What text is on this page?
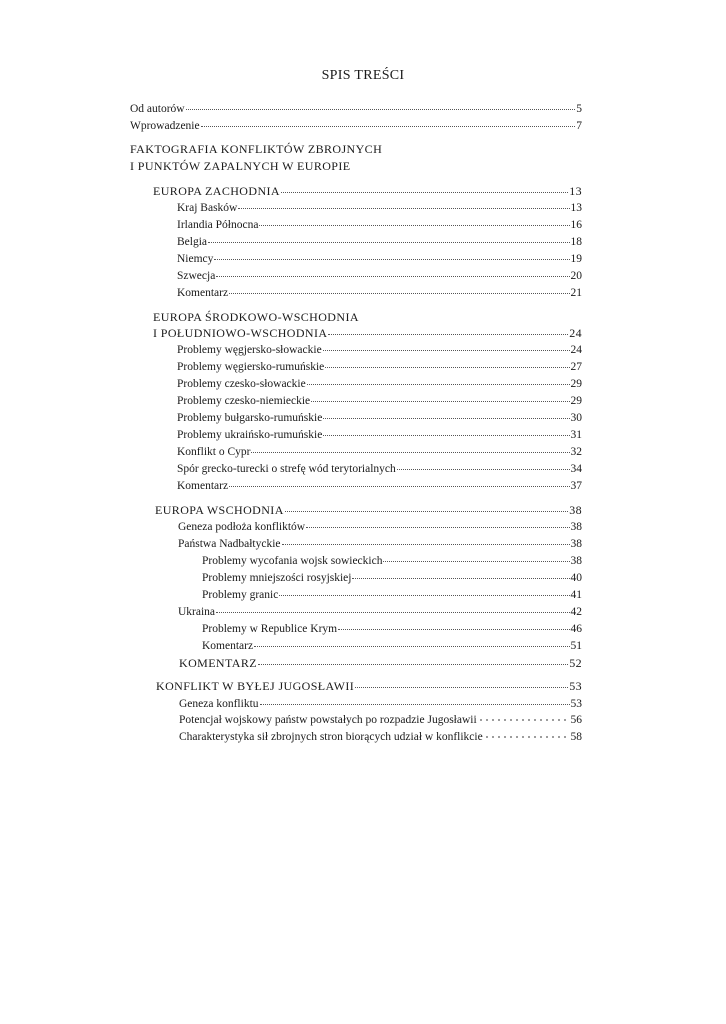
SPIS TREŚCI
Od autorów	5
Wprowadzenie	7
FAKTOGRAFIA KONFLIKTÓW ZBROJNYCH
I PUNKTÓW ZAPALNYCH W EUROPIE
EUROPA ZACHODNIA	13
Kraj Basków	13
Irlandia Północna	16
Belgia	18
Niemcy	19
Szwecja	20
Komentarz	21
EUROPA ŚRODKOWO-WSCHODNIA
I POŁUDNIOWO-WSCHODNIA	24
Problemy węgjersko-słowackie	24
Problemy węgiersko-rumuńskie	27
Problemy czesko-słowackie	29
Problemy czesko-niemieckie	29
Problemy bułgarsko-rumuńskie	30
Problemy ukraińsko-rumuńskie	31
Konflikt o Cypr	32
Spór grecko-turecki o strefę wód terytorialnych	34
Komentarz	37
EUROPA WSCHODNIA	38
Geneza podłoża konfliktów	38
Państwa Nadbałtyckie	38
Problemy wycofania wojsk sowieckich	38
Problemy mniejszości rosyjskiej	40
Problemy granic	41
Ukraina	42
Problemy w Republice Krym	46
Komentarz	51
KOMENTARZ	52
KONFLIKT W BYŁEJ JUGOSŁAWII	53
Geneza konfliktu	53
Potencjał wojskowy państw powstałych po rozpadzie Jugosławii	56
Charakterystyka sił zbrojnych stron biorących udział w konflikcie	58
